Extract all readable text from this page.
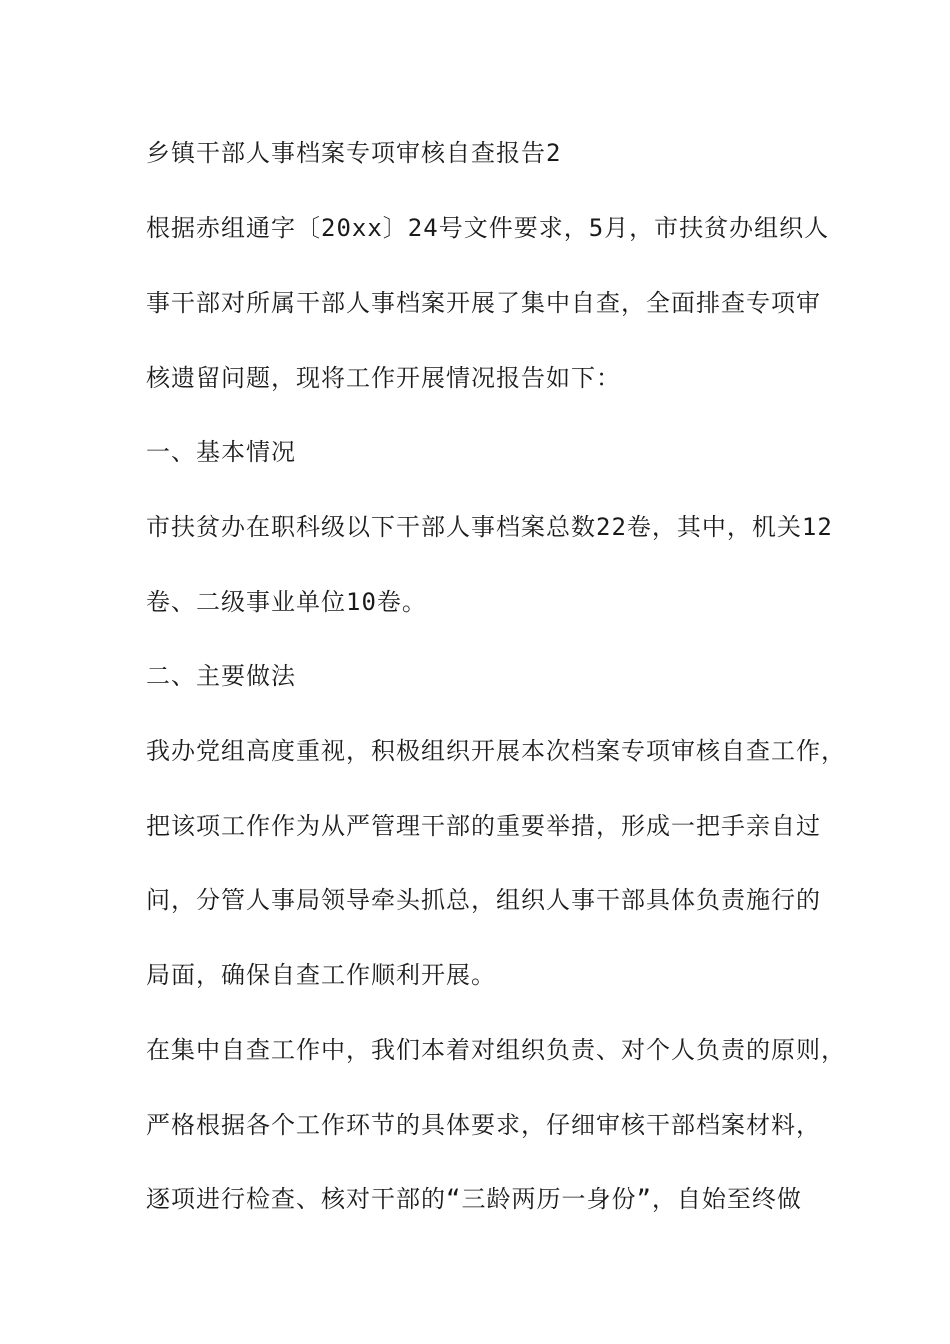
乡镇干部人事档案专项审核自查报告2
根据赤组通字〔20xx〕24号文件要求，5月，市扶贫办组织人
事干部对所属干部人事档案开展了集中自查，全面排查专项审
核遗留问题，现将工作开展情况报告如下：
一、基本情况
市扶贫办在职科级以下干部人事档案总数22卷，其中，机关12
卷、二级事业单位10卷。
二、主要做法
我办党组高度重视，积极组织开展本次档案专项审核自查工作，
把该项工作作为从严管理干部的重要举措，形成一把手亲自过
问，分管人事局领导牵头抓总，组织人事干部具体负责施行的
局面，确保自查工作顺利开展。
在集中自查工作中，我们本着对组织负责、对个人负责的原则，
严格根据各个工作环节的具体要求，仔细审核干部档案材料，
逐项进行检查、核对干部的“三龄两历一身份”，自始至终做
